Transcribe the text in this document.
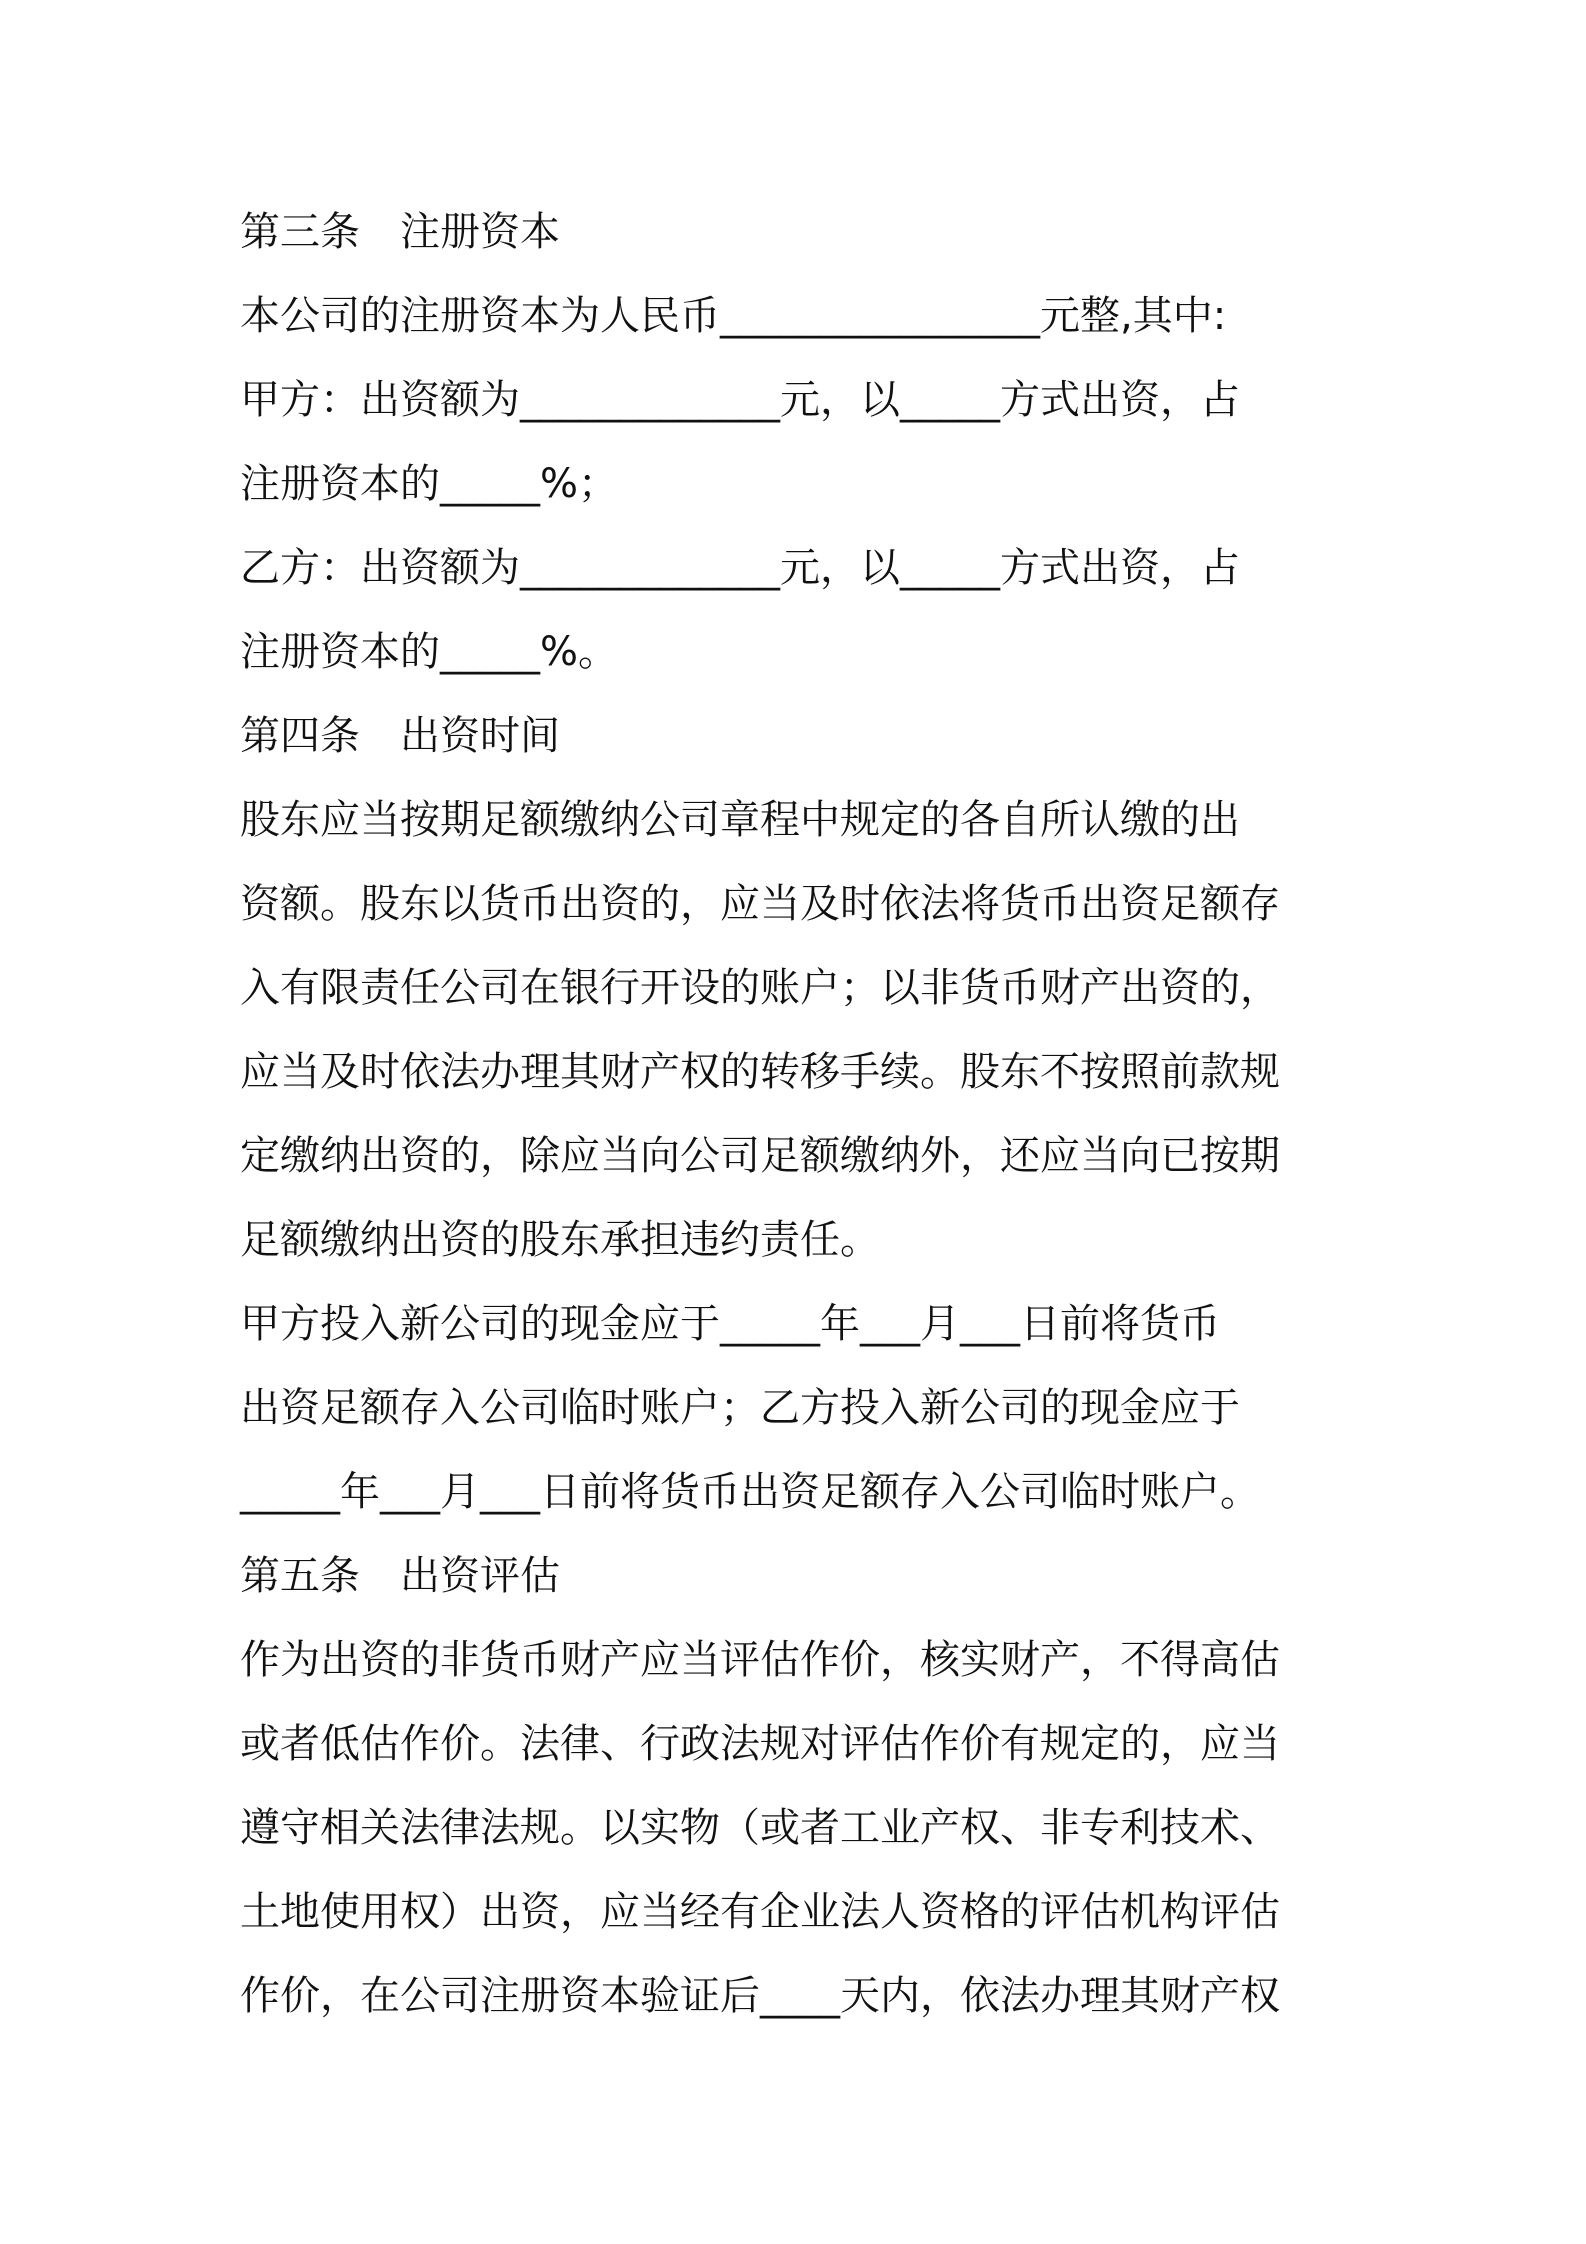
第三条　注册资本
本公司的注册资本为人民币________________元整,其中:
甲方：出资额为_____________元，以_____方式出资，占
注册资本的_____%；
乙方：出资额为_____________元，以_____方式出资，占
注册资本的_____%。
第四条　出资时间
股东应当按期足额缴纳公司章程中规定的各自所认缴的出
资额。股东以货币出资的，应当及时依法将货币出资足额存
入有限责任公司在银行开设的账户；以非货币财产出资的，
应当及时依法办理其财产权的转移手续。股东不按照前款规
定缴纳出资的，除应当向公司足额缴纳外，还应当向已按期
足额缴纳出资的股东承担违约责任。
甲方投入新公司的现金应于_____年___月___日前将货币
出资足额存入公司临时账户；乙方投入新公司的现金应于
_____年___月___日前将货币出资足额存入公司临时账户。
第五条　出资评估
作为出资的非货币财产应当评估作价，核实财产，不得高估
或者低估作价。法律、行政法规对评估作价有规定的，应当
遵守相关法律法规。以实物（或者工业产权、非专利技术、
土地使用权）出资，应当经有企业法人资格的评估机构评估
作价，在公司注册资本验证后____天内，依法办理其财产权
